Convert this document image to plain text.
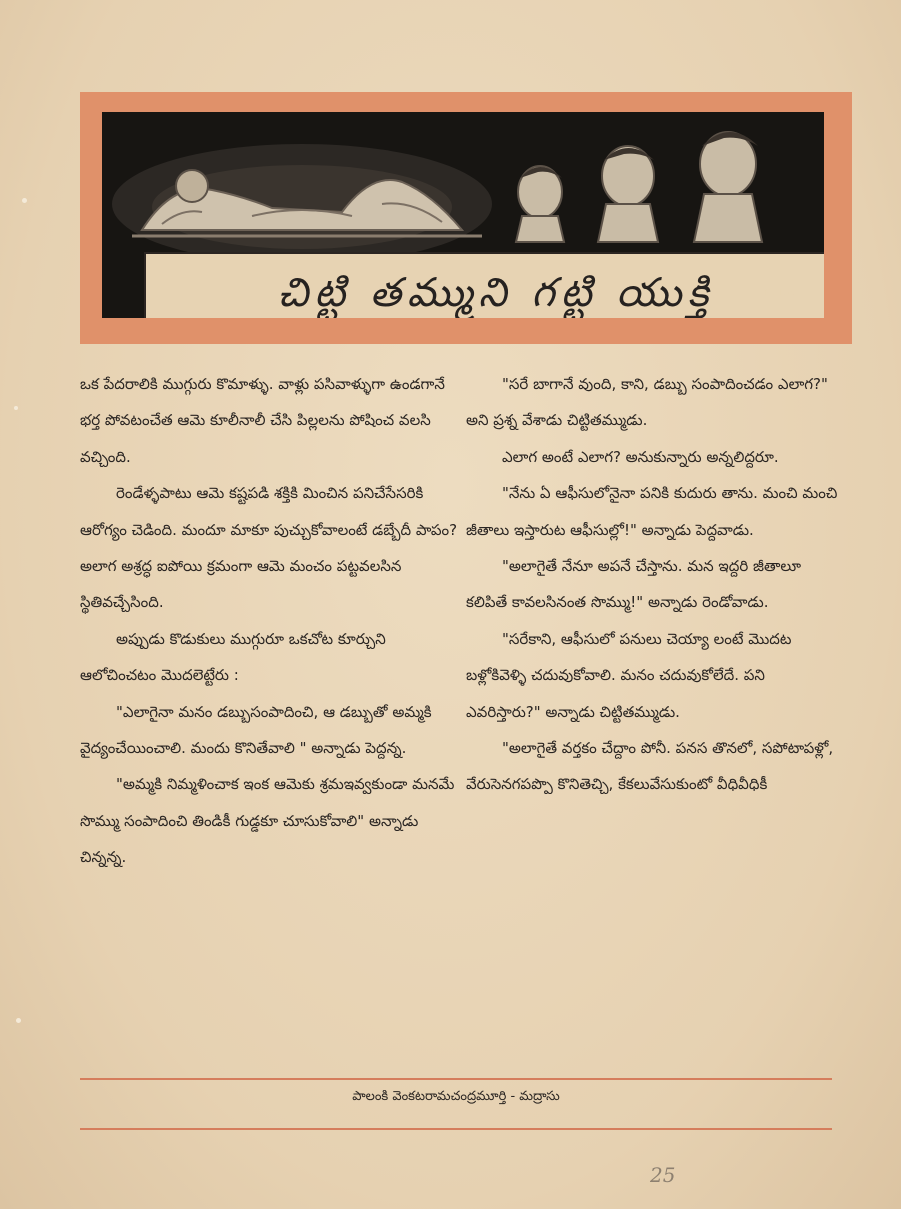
చిట్టి తమ్ముని గట్టి యుక్తి	M.T.V.

ఒక పేదరాలికి ముగ్గురు కొమాళ్ళు. వాళ్లు పసివాళ్ళుగా ఉండగానే భర్త పోవటంచేత ఆమె కూలీనాలీ చేసి పిల్లలను పోషించ వలసి వచ్చింది.

రెండేళ్ళపాటు ఆమె కష్టపడి శక్తికి మించిన పనిచేసేసరికి ఆరోగ్యం చెడింది. మందూ మాకూ పుచ్చుకోవాలంటే డబ్బేదీ పాపం? అలాగ అశ్రద్ధ ఐపోయి క్రమంగా ఆమె మంచం పట్టవలసిన స్థితివచ్చేసింది.

అప్పుడు కొడుకులు ముగ్గురూ ఒకచోట కూర్చుని ఆలోచించటం మొదలెట్టేరు :

"ఎలాగైనా మనం డబ్బుసంపాదించి, ఆ డబ్బుతో అమ్మకి వైద్యంచేయించాలి. మందు కొనితేవాలి " అన్నాడు పెద్దన్న.

"అమ్మకి నిమ్మళించాక ఇంక ఆమెకు శ్రమఇవ్వకుండా మనమే సొమ్ము సంపాదించి తిండికీ గుడ్డకూ చూసుకోవాలి" అన్నాడు చిన్నన్న.

"సరే బాగానే వుంది, కాని, డబ్బు సంపాదించడం ఎలాగ?" అని ప్రశ్న వేశాడు చిట్టితమ్ముడు.

ఎలాగ అంటే ఎలాగ? అనుకున్నారు అన్నలిద్దరూ.

"నేను ఏ ఆఫీసులోనైనా పనికి కుదురు తాను. మంచి మంచి జీతాలు ఇస్తారుట ఆఫీసుల్లో!" అన్నాడు పెద్దవాడు.

"అలాగైతే నేనూ అపనే చేస్తాను. మన ఇద్దరి జీతాలూ కలిపితే కావలసినంత సొమ్ము!" అన్నాడు రెండోవాడు.

"సరేకాని, ఆఫీసులో పనులు చెయ్యా లంటే మొదట బళ్లోకివెళ్ళి చదువుకోవాలి. మనం చదువుకోలేదే. పని ఎవరిస్తారు?" అన్నాడు చిట్టితమ్ముడు.

"అలాగైతే వర్తకం చేద్దాం పోనీ. పనస తొనలో, సపోటాపళ్లో, వేరుసెనగపప్పొ కొనితెచ్చి, కేకలువేసుకుంటో వీధివీధికీ

పాలంకి వెంకటరామచంద్రమూర్తి - మద్రాసు
25
